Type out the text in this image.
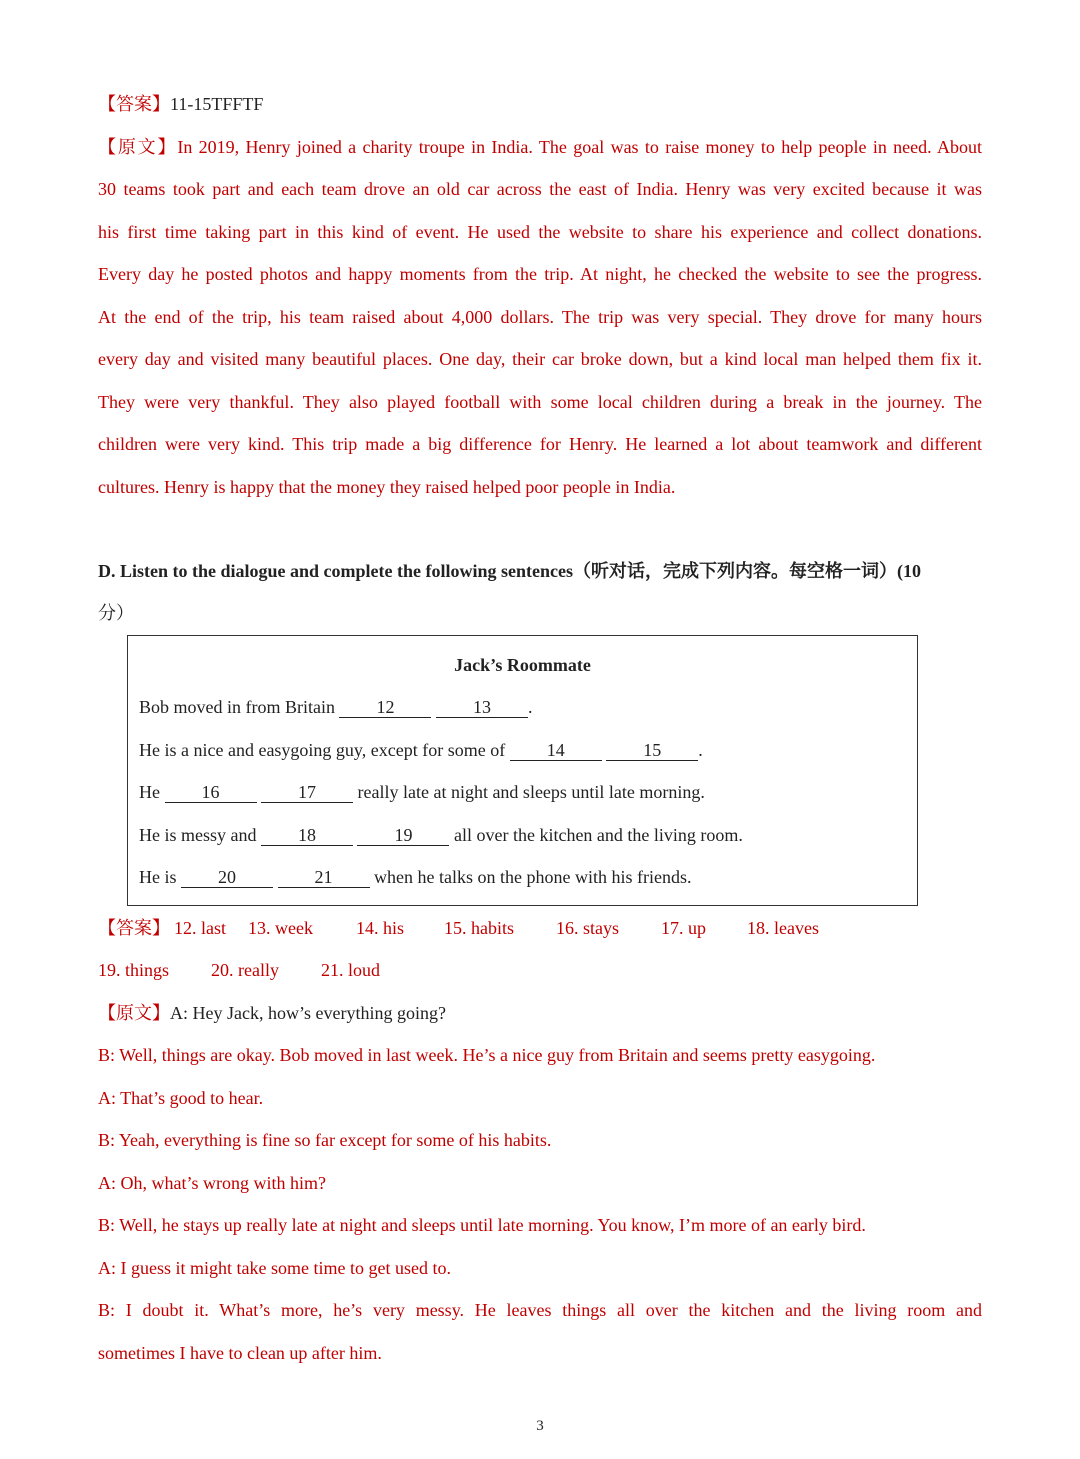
【答案】11-15TFFTF
【原文】In 2019, Henry joined a charity troupe in India. The goal was to raise money to help people in need. About
30 teams took part and each team drove an old car across the east of India. Henry was very excited because it was
his first time taking part in this kind of event. He used the website to share his experience and collect donations.
Every day he posted photos and happy moments from the trip. At night, he checked the website to see the progress.
At the end of the trip, his team raised about 4,000 dollars. The trip was very special. They drove for many hours
every day and visited many beautiful places. One day, their car broke down, but a kind local man helped them fix it.
They were very thankful. They also played football with some local children during a break in the journey. The
children were very kind. This trip made a big difference for Henry. He learned a lot about teamwork and different
cultures. Henry is happy that the money they raised helped poor people in India.
D. Listen to the dialogue and complete the following sentences（听对话，完成下列内容。每空格一词）(10
分）
Jack’s Roommate
Bob moved in from Britain 12	13 .
He is a nice and easygoing guy, except for some of 14	15 .
He 16	17 really late at night and sleeps until late morning.
He is messy and 18	19 all over the kitchen and the living room.
He is 20	21 when he talks on the phone with his friends.
【答案】 12. last 13. week 14. his 15. habits 16. stays 17. up 18. leaves
19. things 20. really 21. loud
【原文】A: Hey Jack, how’s everything going?
B: Well, things are okay. Bob moved in last week. He’s a nice guy from Britain and seems pretty easygoing.
A: That’s good to hear.
B: Yeah, everything is fine so far except for some of his habits.
A: Oh, what’s wrong with him?
B: Well, he stays up really late at night and sleeps until late morning. You know, I’m more of an early bird.
A: I guess it might take some time to get used to.
B: I doubt it. What’s more, he’s very messy. He leaves things all over the kitchen and the living room and
sometimes I have to clean up after him.
3
